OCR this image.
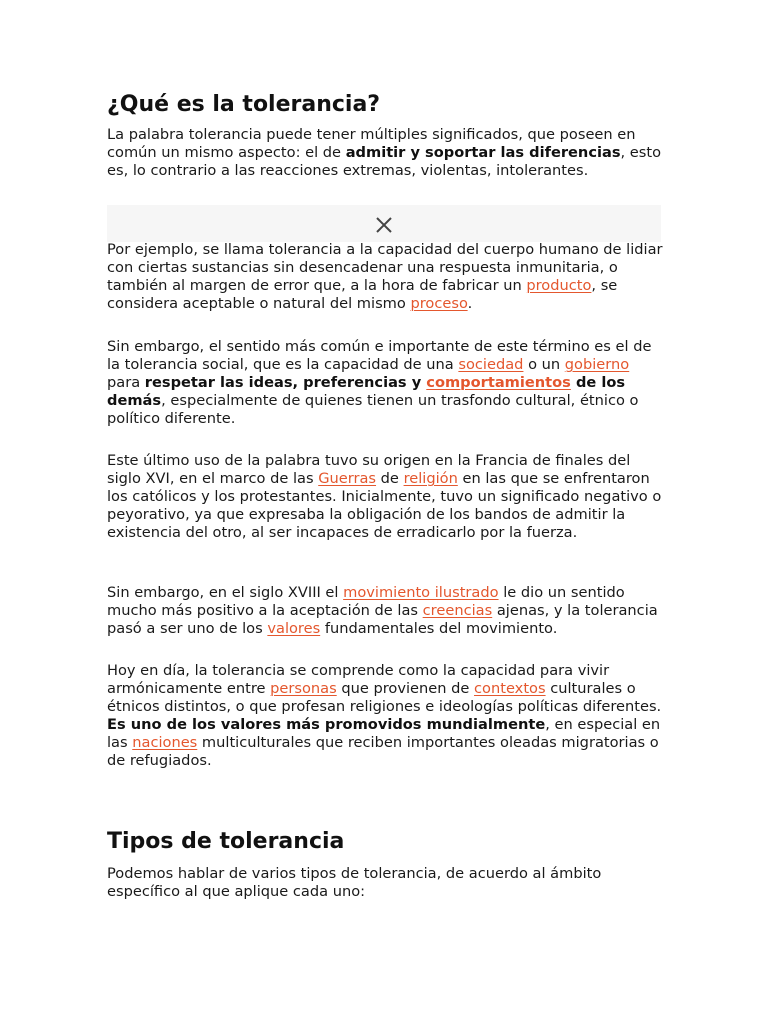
¿Qué es la tolerancia?

La palabra tolerancia puede tener múltiples significados, que poseen en común un mismo aspecto: el de admitir y soportar las diferencias, esto es, lo contrario a las reacciones extremas, violentas, intolerantes.

Por ejemplo, se llama tolerancia a la capacidad del cuerpo humano de lidiar con ciertas sustancias sin desencadenar una respuesta inmunitaria, o también al margen de error que, a la hora de fabricar un producto, se considera aceptable o natural del mismo proceso.

Sin embargo, el sentido más común e importante de este término es el de la tolerancia social, que es la capacidad de una sociedad o un gobierno para respetar las ideas, preferencias y comportamientos de los demás, especialmente de quienes tienen un trasfondo cultural, étnico o político diferente.

Este último uso de la palabra tuvo su origen en la Francia de finales del siglo XVI, en el marco de las Guerras de religión en las que se enfrentaron los católicos y los protestantes. Inicialmente, tuvo un significado negativo o peyorativo, ya que expresaba la obligación de los bandos de admitir la existencia del otro, al ser incapaces de erradicarlo por la fuerza.

Sin embargo, en el siglo XVIII el movimiento ilustrado le dio un sentido mucho más positivo a la aceptación de las creencias ajenas, y la tolerancia pasó a ser uno de los valores fundamentales del movimiento.

Hoy en día, la tolerancia se comprende como la capacidad para vivir armónicamente entre personas que provienen de contextos culturales o étnicos distintos, o que profesan religiones e ideologías políticas diferentes. Es uno de los valores más promovidos mundialmente, en especial en las naciones multiculturales que reciben importantes oleadas migratorias o de refugiados.

Tipos de tolerancia

Podemos hablar de varios tipos de tolerancia, de acuerdo al ámbito específico al que aplique cada uno:
